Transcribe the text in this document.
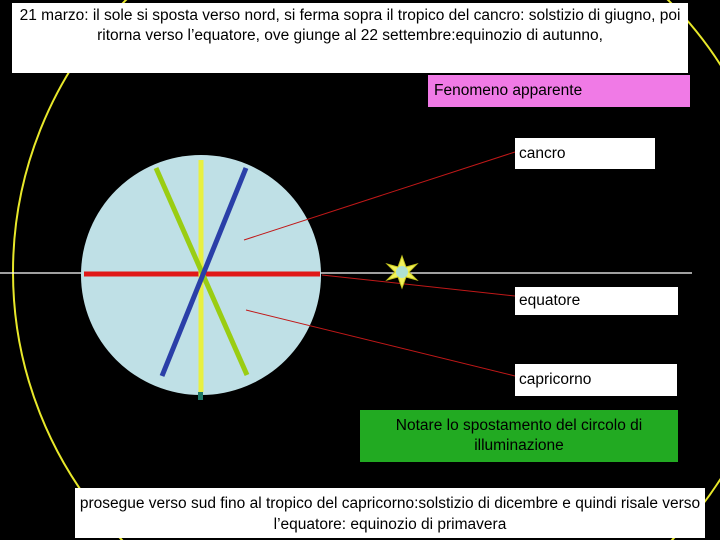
21 marzo: il sole si sposta verso nord, si ferma sopra il tropico del cancro: solstizio di giugno, poi ritorna verso l’equatore, ove giunge al 22 settembre:equinozio di autunno,
Fenomeno apparente
cancro
equatore
capricorno
Notare lo spostamento del circolo di illuminazione
prosegue verso sud fino al tropico del capricorno:solstizio di dicembre e quindi risale verso l’equatore: equinozio di primavera
